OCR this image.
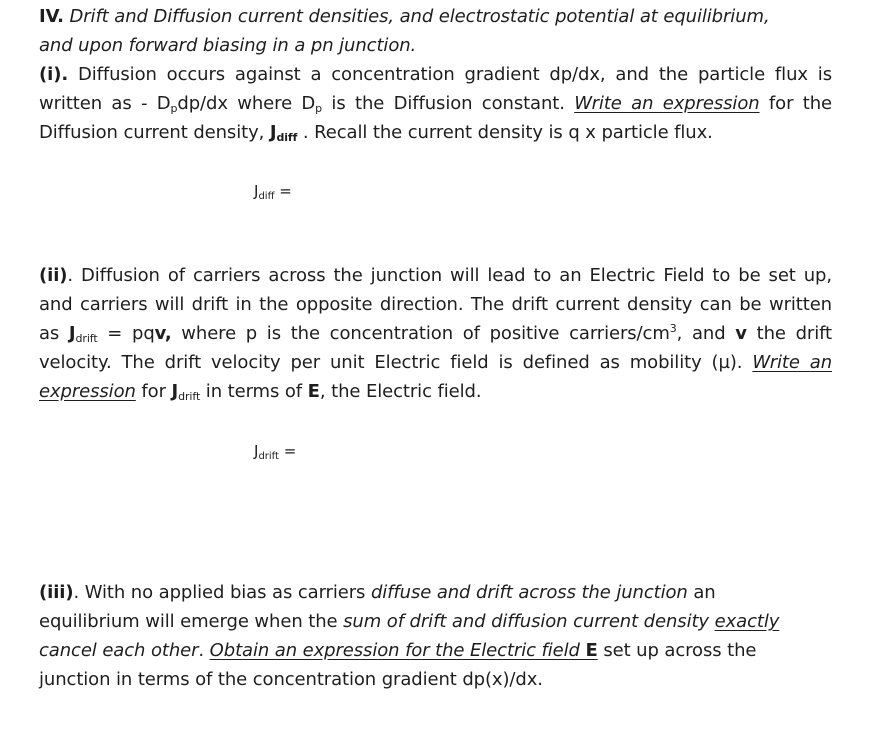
IV. Drift and Diffusion current densities, and electrostatic potential at equilibrium,
and upon forward biasing in a pn junction.
(i). Diffusion occurs against a concentration gradient dp/dx, and the particle flux is written as - $D_pdp/dx$ where $D_p$ is the Diffusion constant. Write an expression for the Diffusion current density, $J_{diff}$ . Recall the current density is q x particle flux.
$J_{diff}$ =
(ii). Diffusion of carriers across the junction will lead to an Electric Field to be set up, and carriers will drift in the opposite direction. The drift current density can be written as $J_{drift}$ = pqv, where p is the concentration of positive carriers/$cm^3$, and v the drift velocity. The drift velocity per unit Electric field is defined as mobility (µ). Write an expression for $J_{drift}$ in terms of E, the Electric field.
$J_{drift}$ =
(iii). With no applied bias as carriers diffuse and drift across the junction an equilibrium will emerge when the sum of drift and diffusion current density exactly cancel each other. Obtain an expression for the Electric field E set up across the junction in terms of the concentration gradient dp(x)/dx.
